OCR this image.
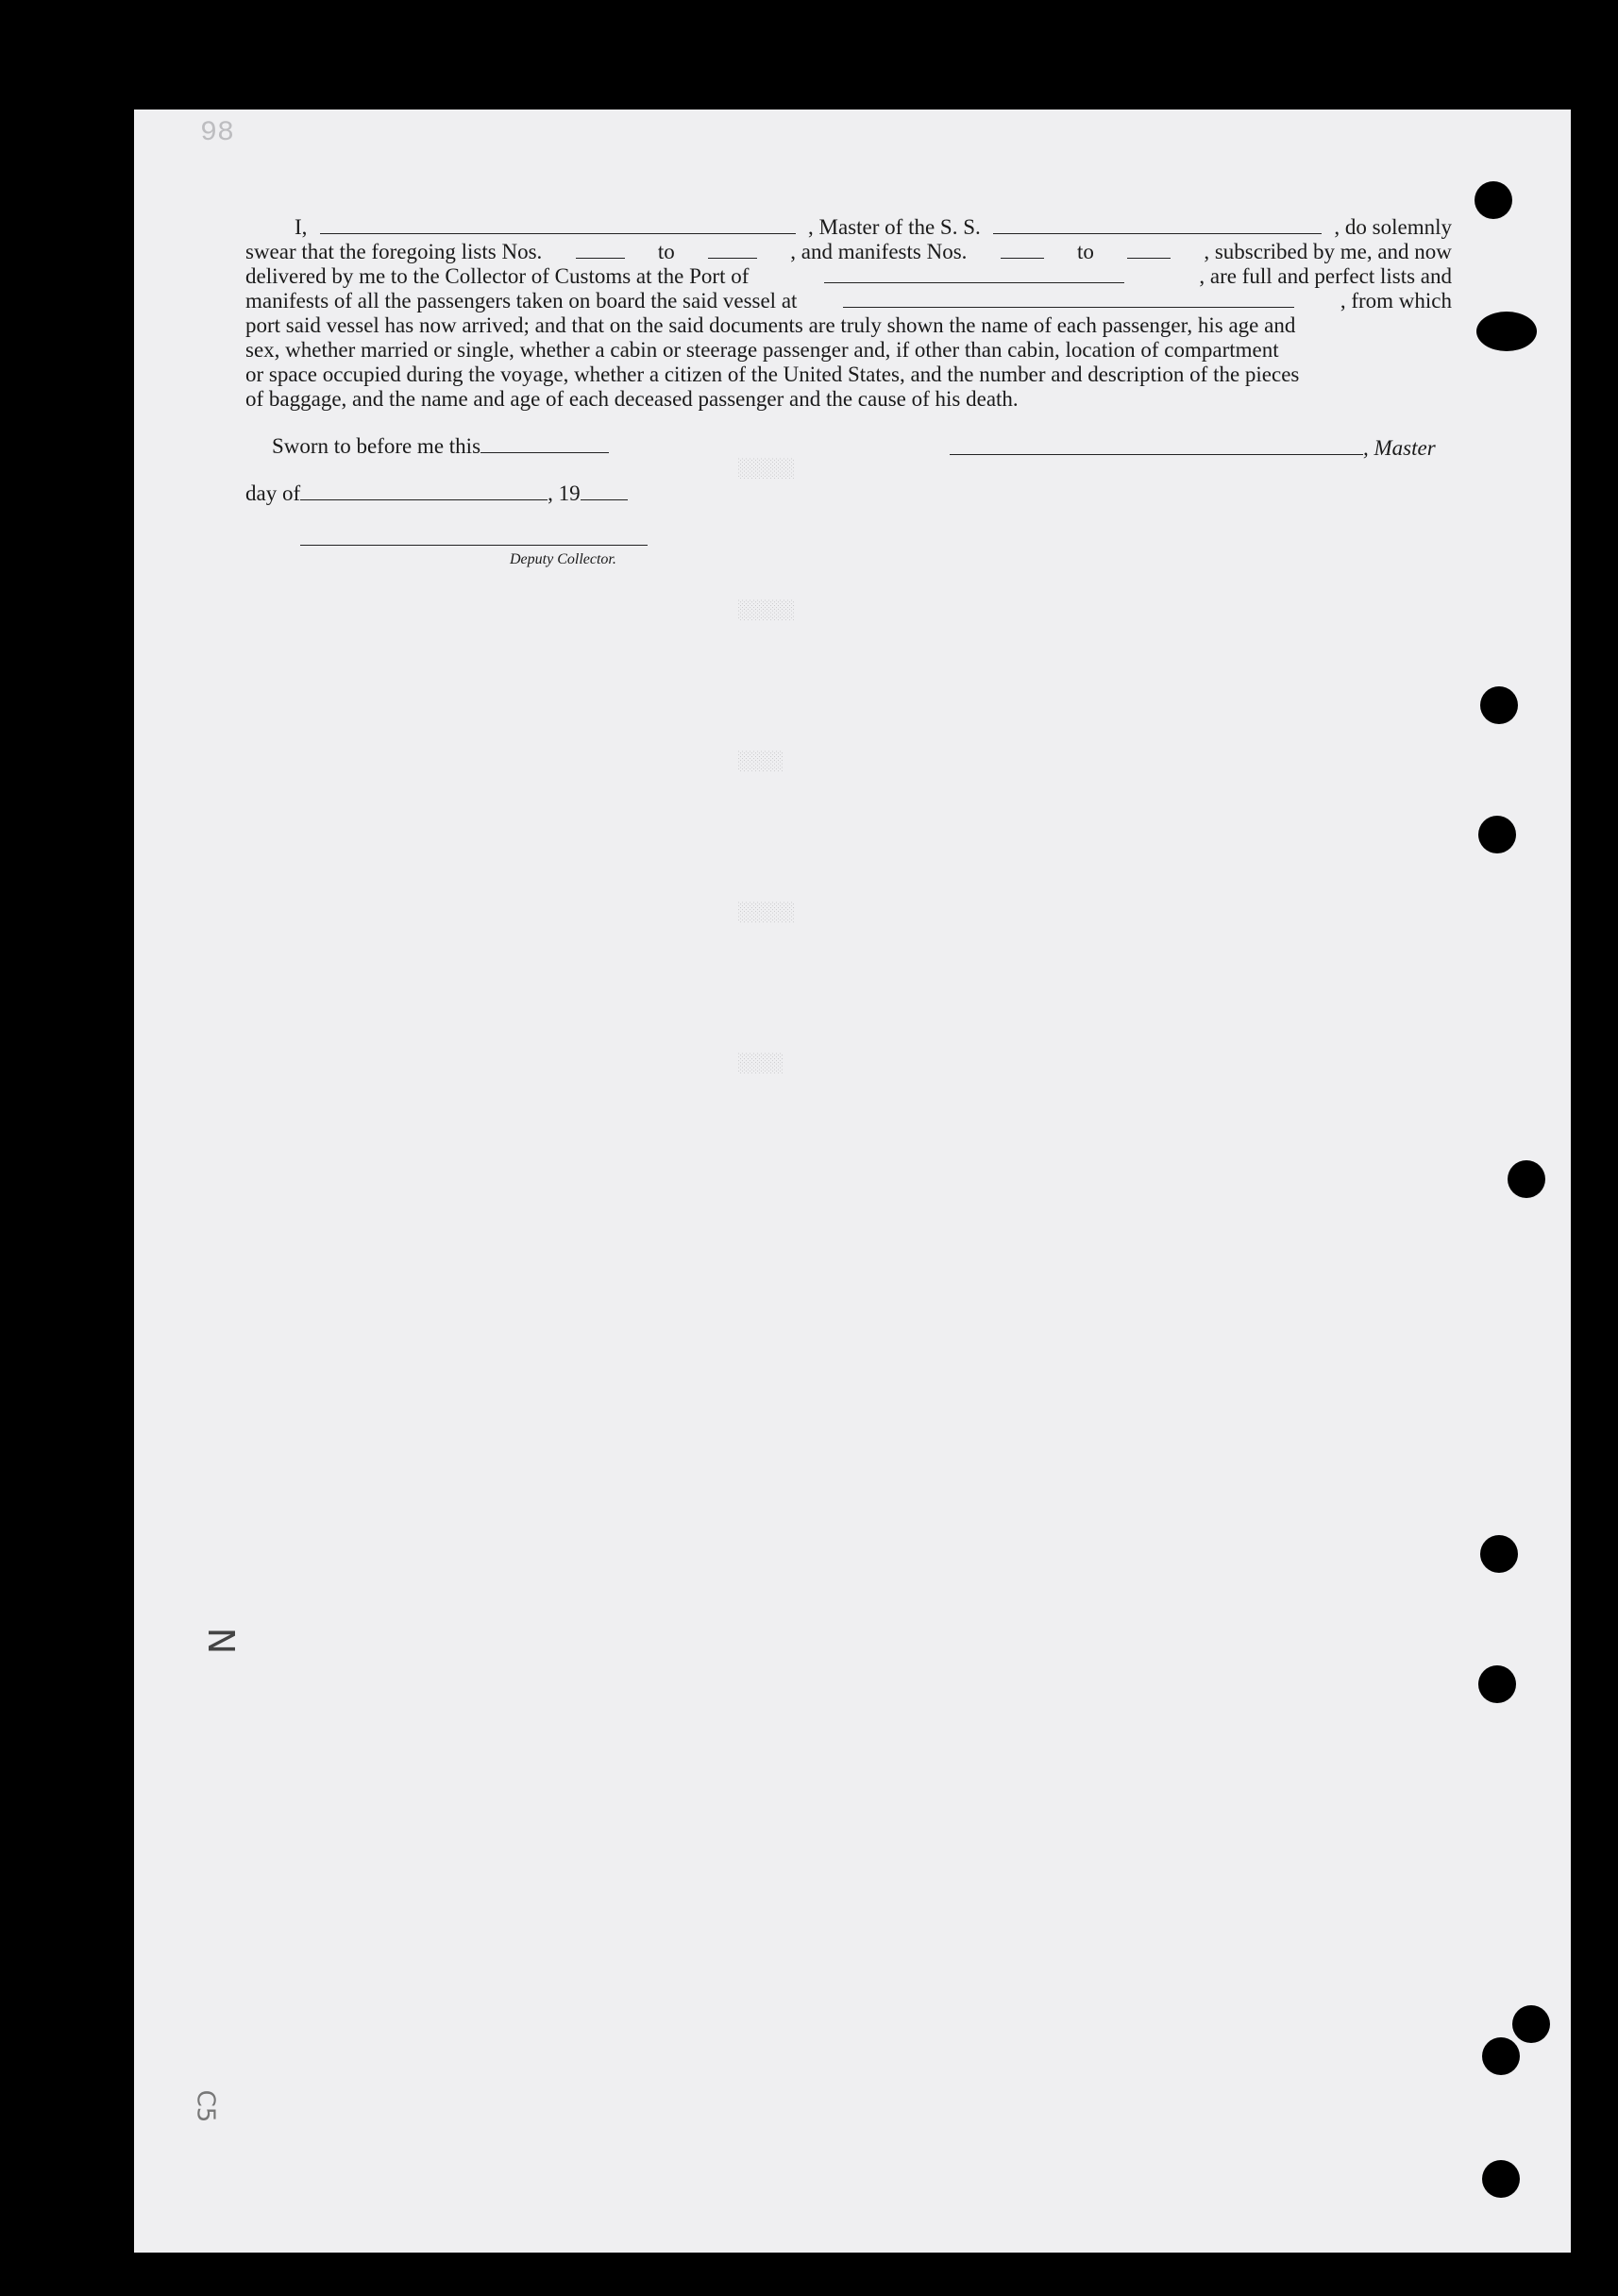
98
░░░░░
░░░░░
░░░░
░░░░░
░░░░
I,	, Master of the S. S.	, do solemnly
swear that the foregoing lists Nos.	to	, and manifests Nos.	to	, subscribed by me, and now
delivered by me to the Collector of Customs at the Port of	, are full and perfect lists and
manifests of all the passengers taken on board the said vessel at	, from which
port said vessel has now arrived; and that on the said documents are truly shown the name of each passenger, his age and
sex, whether married or single, whether a cabin or steerage passenger and, if other than cabin, location of compartment
or space occupied during the voyage, whether a citizen of the United States, and the number and description of the pieces
of baggage, and the name and age of each deceased passenger and the cause of his death.
Sworn to before me this	, Master
day of	, 19
Deputy Collector.
N
C5
